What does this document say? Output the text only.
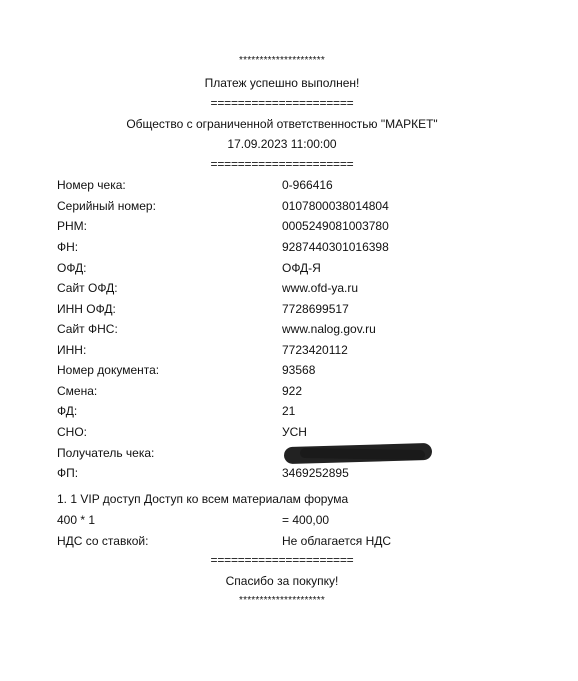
*********************
Платеж успешно выполнен!
=====================
Общество с ограниченной ответственностью "МАРКЕТ"
17.09.2023 11:00:00
=====================
Номер чека:	0-966416
Серийный номер:	0107800038014804
РНМ:	0005249081003780
ФН:	9287440301016398
ОФД:	ОФД-Я
Сайт ОФД:	www.ofd-ya.ru
ИНН ОФД:	7728699517
Сайт ФНС:	www.nalog.gov.ru
ИНН:	7723420112
Номер документа:	93568
Смена:	922
ФД:	21
СНО:	УСН
Получатель чека:
ФП:	3469252895
1. 1 VIP доступ Доступ ко всем материалам форума
400 * 1	= 400,00
НДС со ставкой:	Не облагается НДС
=====================
Спасибо за покупку!
*********************
